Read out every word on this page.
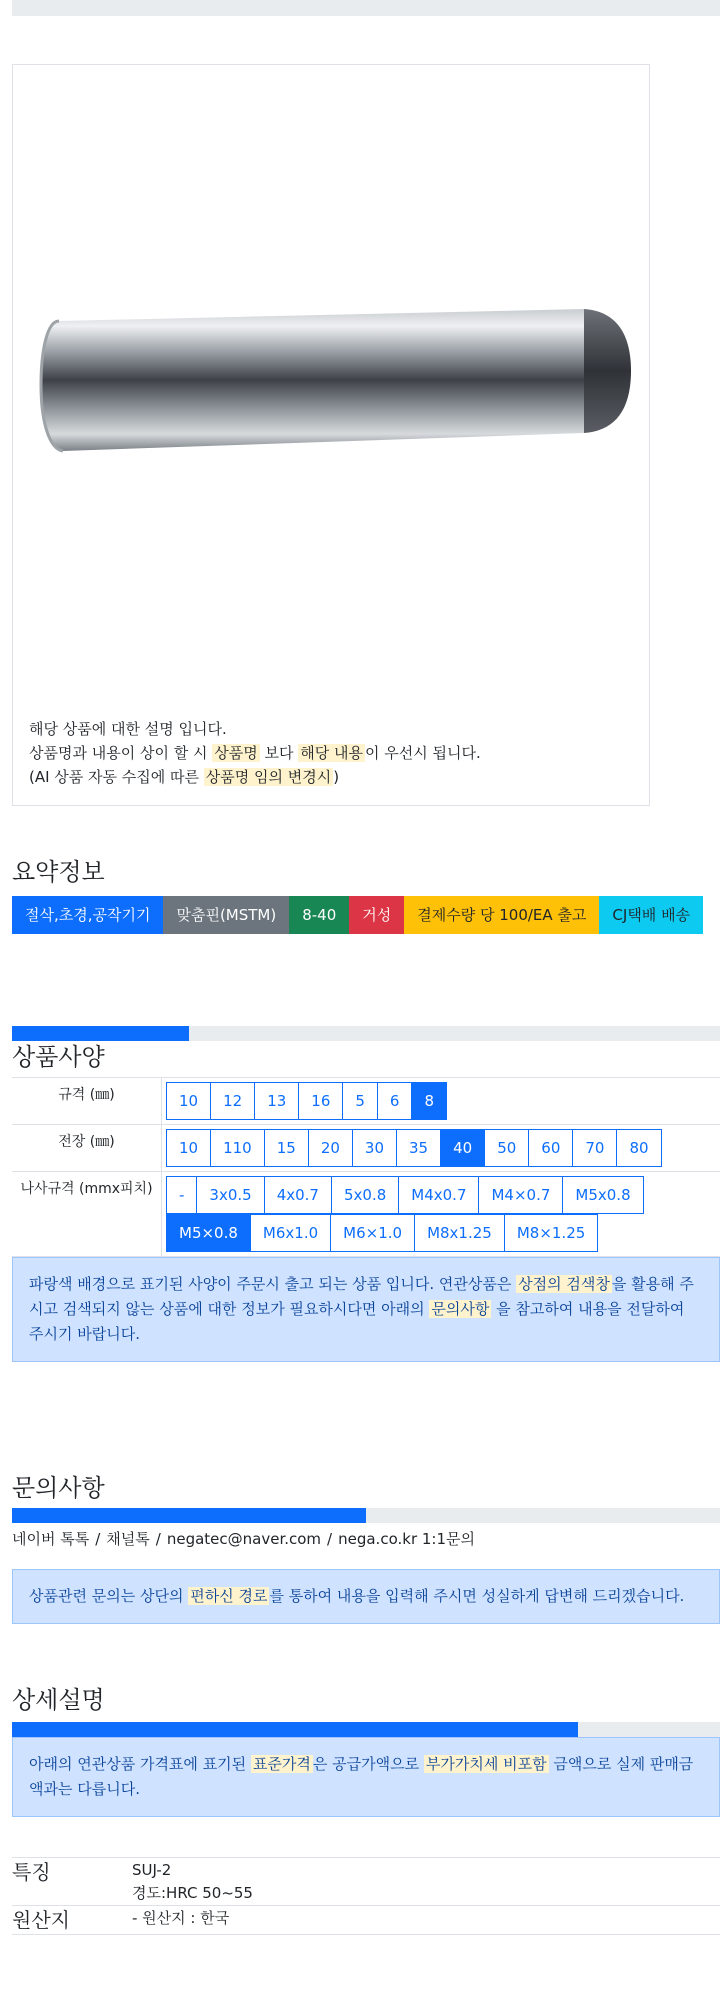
해당 상품에 대한 설명 입니다.
상품명과 내용이 상이 할 시 상품명 보다 해당 내용 이 우선시 됩니다.
(AI 상품 자동 수집에 따른 상품명 임의 변경시 )
요약정보
절삭,초경,공작기기	맞춤핀(MSTM)	8-40	거성	결제수량 당 100/EA 출고	CJ택배 배송
상품사양
규격 (㎜)	10	12	13	16	5	6	8
전장 (㎜)	10	110	15	20	30	35	40	50	60	70	80
나사규격 (mmx피치)	-	3x0.5	4x0.7	5x0.8	M4x0.7	M4×0.7	M5x0.8
M5×0.8	M6x1.0	M6×1.0	M8x1.25	M8×1.25
파랑색 배경으로 표기된 사양이 주문시 출고 되는 상품 입니다. 연관상품은 상점의 검색창 을 활용해 주시고 검색되지 않는 상품에 대한 정보가 필요하시다면 아래의 문의사항 을 참고하여 내용을 전달하여 주시기 바랍니다.
문의사항
네이버 톡톡 / 채널톡 / negatec@naver.com / nega.co.kr 1:1문의
상품관련 문의는 상단의 편하신 경로 를 통하여 내용을 입력해 주시면 성실하게 답변해 드리겠습니다.
상세설명
아래의 연관상품 가격표에 표기된 표준가격 은 공급가액으로 부가가치세 비포함 금액으로 실제 판매금액과는 다릅니다.
특징	SUJ-2
경도:HRC 50~55
원산지	- 원산지 : 한국
